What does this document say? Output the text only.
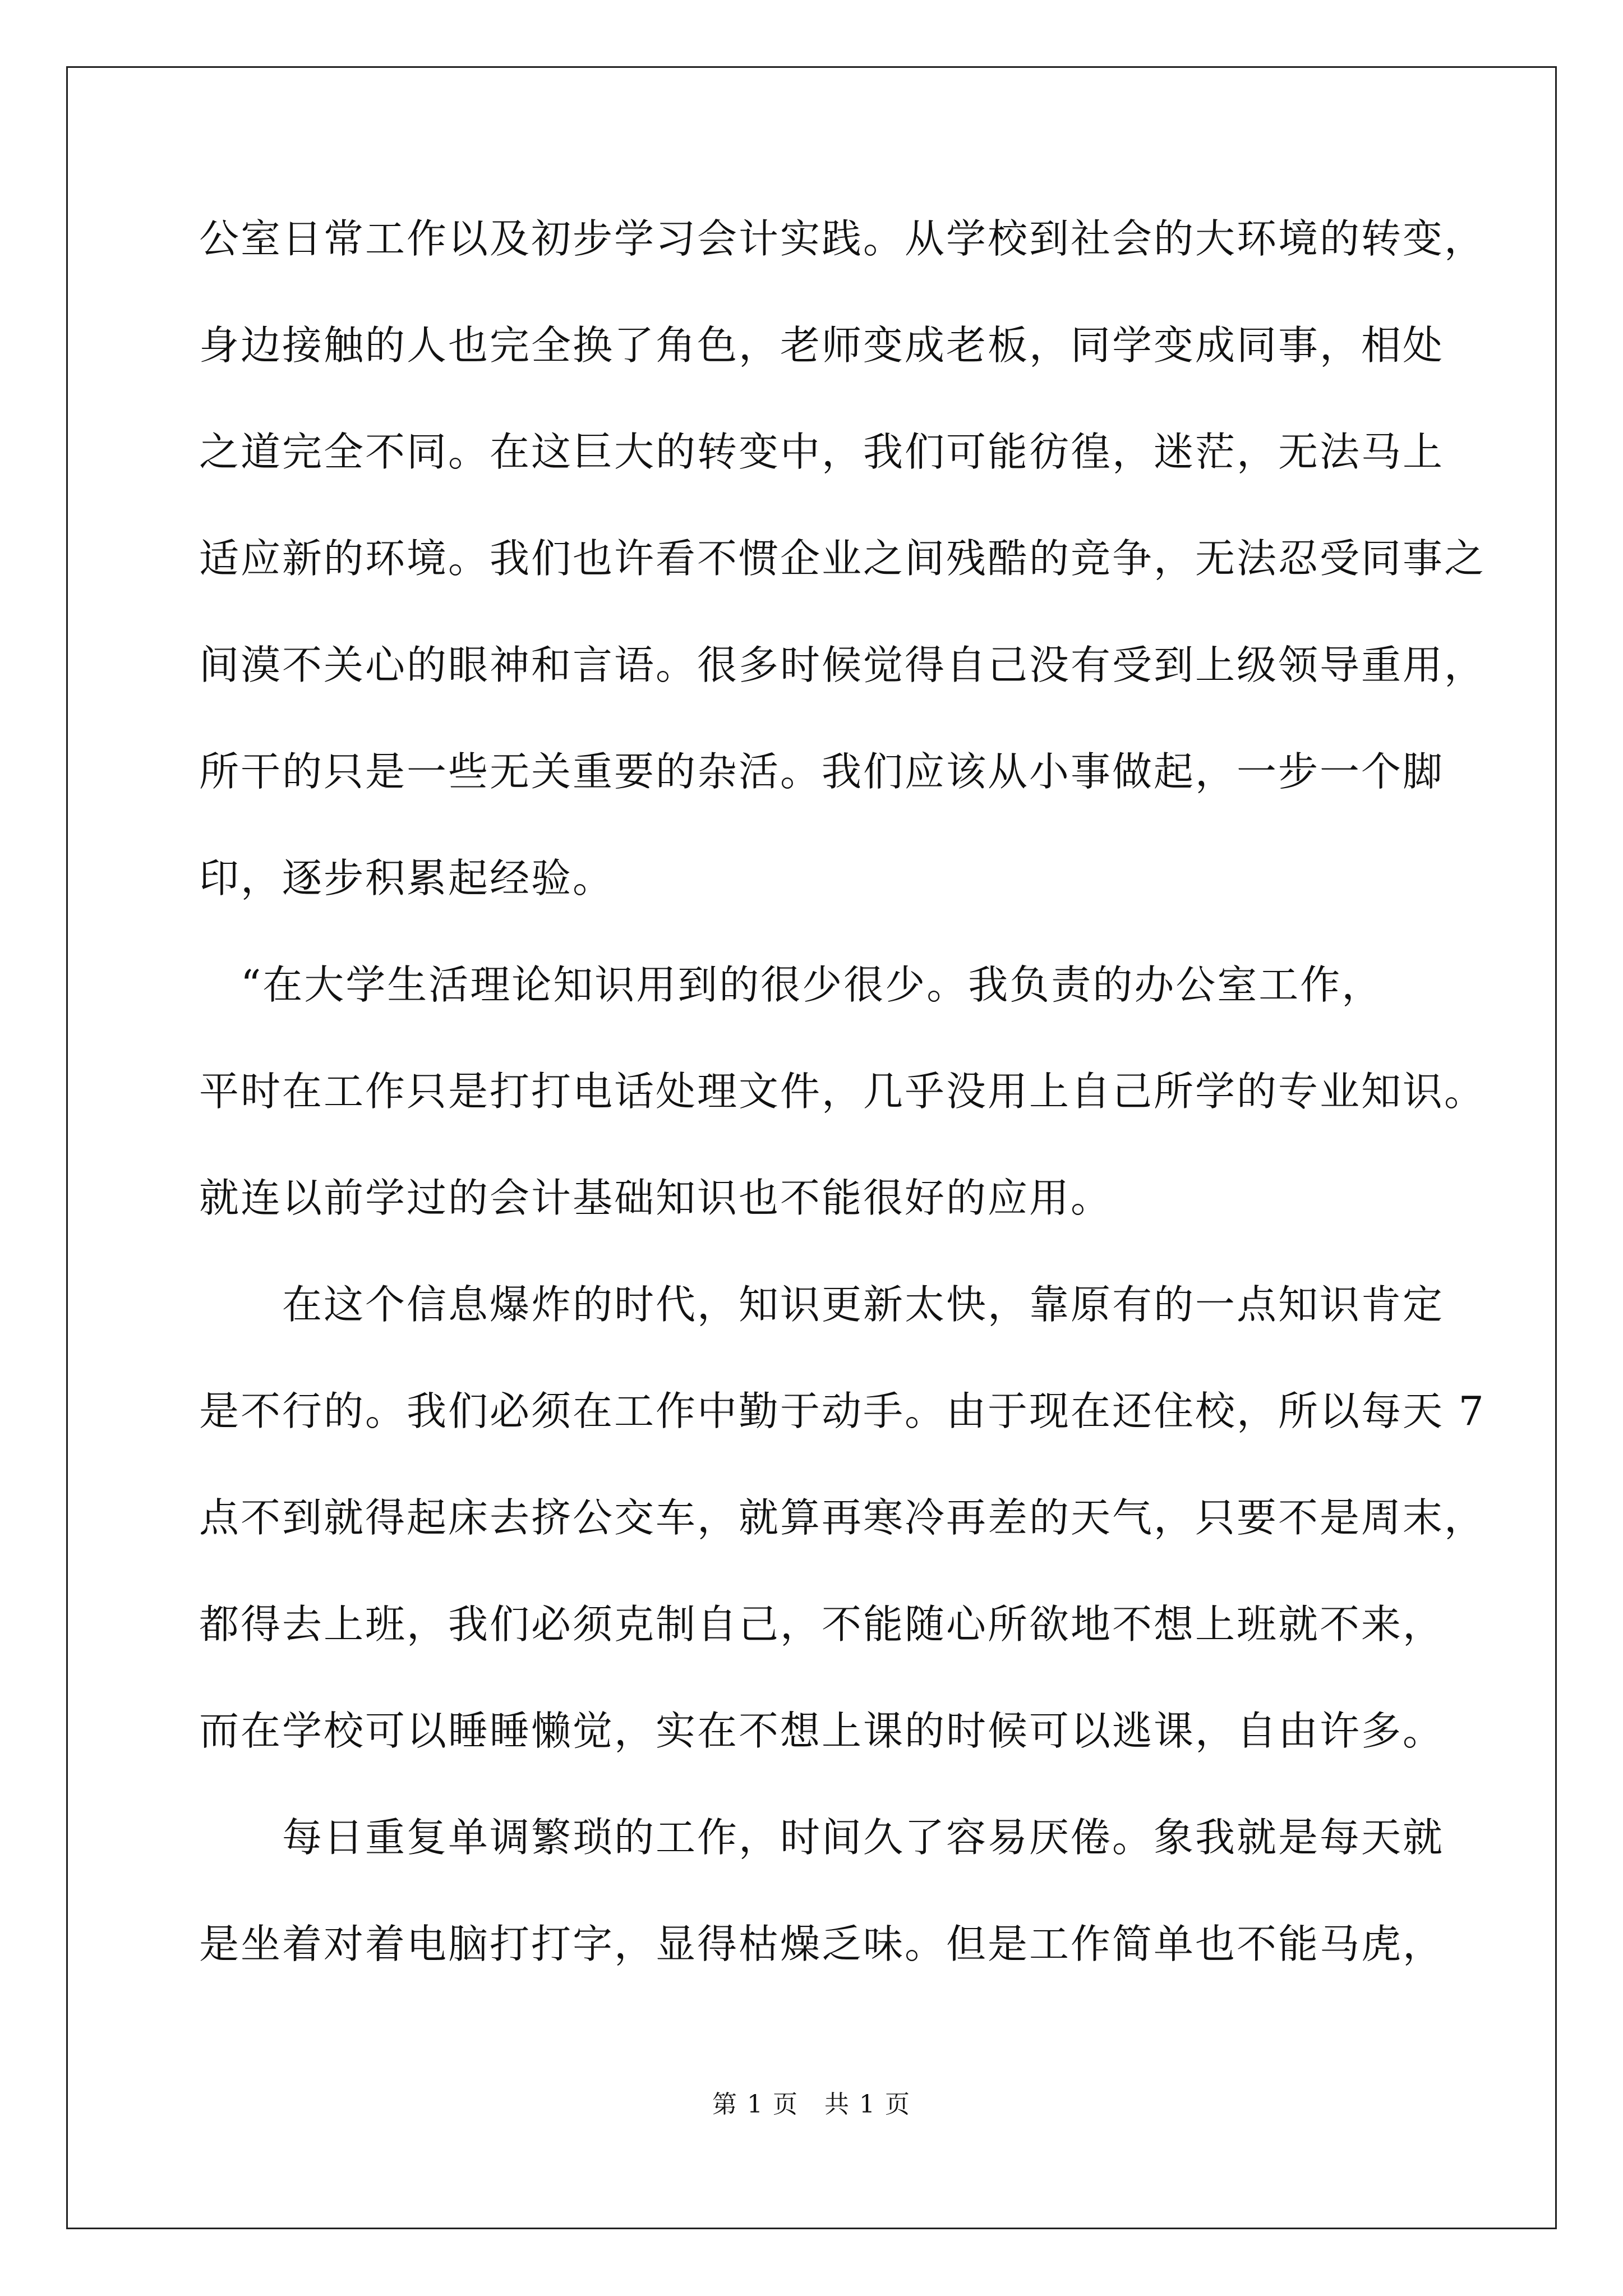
公室日常工作以及初步学习会计实践。从学校到社会的大环境的转变，
身边接触的人也完全换了角色，老师变成老板，同学变成同事，相处
之道完全不同。在这巨大的转变中，我们可能彷徨，迷茫，无法马上
适应新的环境。我们也许看不惯企业之间残酷的竞争，无法忍受同事之
间漠不关心的眼神和言语。很多时候觉得自己没有受到上级领导重用，
所干的只是一些无关重要的杂活。我们应该从小事做起，一步一个脚
印，逐步积累起经验。
　“在大学生活理论知识用到的很少很少。我负责的办公室工作，
平时在工作只是打打电话处理文件，几乎没用上自己所学的专业知识。
就连以前学过的会计基础知识也不能很好的应用。
　　在这个信息爆炸的时代，知识更新太快，靠原有的一点知识肯定
是不行的。我们必须在工作中勤于动手。由于现在还住校，所以每天 7
点不到就得起床去挤公交车，就算再寒冷再差的天气，只要不是周末，
都得去上班，我们必须克制自己，不能随心所欲地不想上班就不来，
而在学校可以睡睡懒觉，实在不想上课的时候可以逃课，自由许多。
　　每日重复单调繁琐的工作，时间久了容易厌倦。象我就是每天就
是坐着对着电脑打打字，显得枯燥乏味。但是工作简单也不能马虎，
第 1 页　共 1 页
